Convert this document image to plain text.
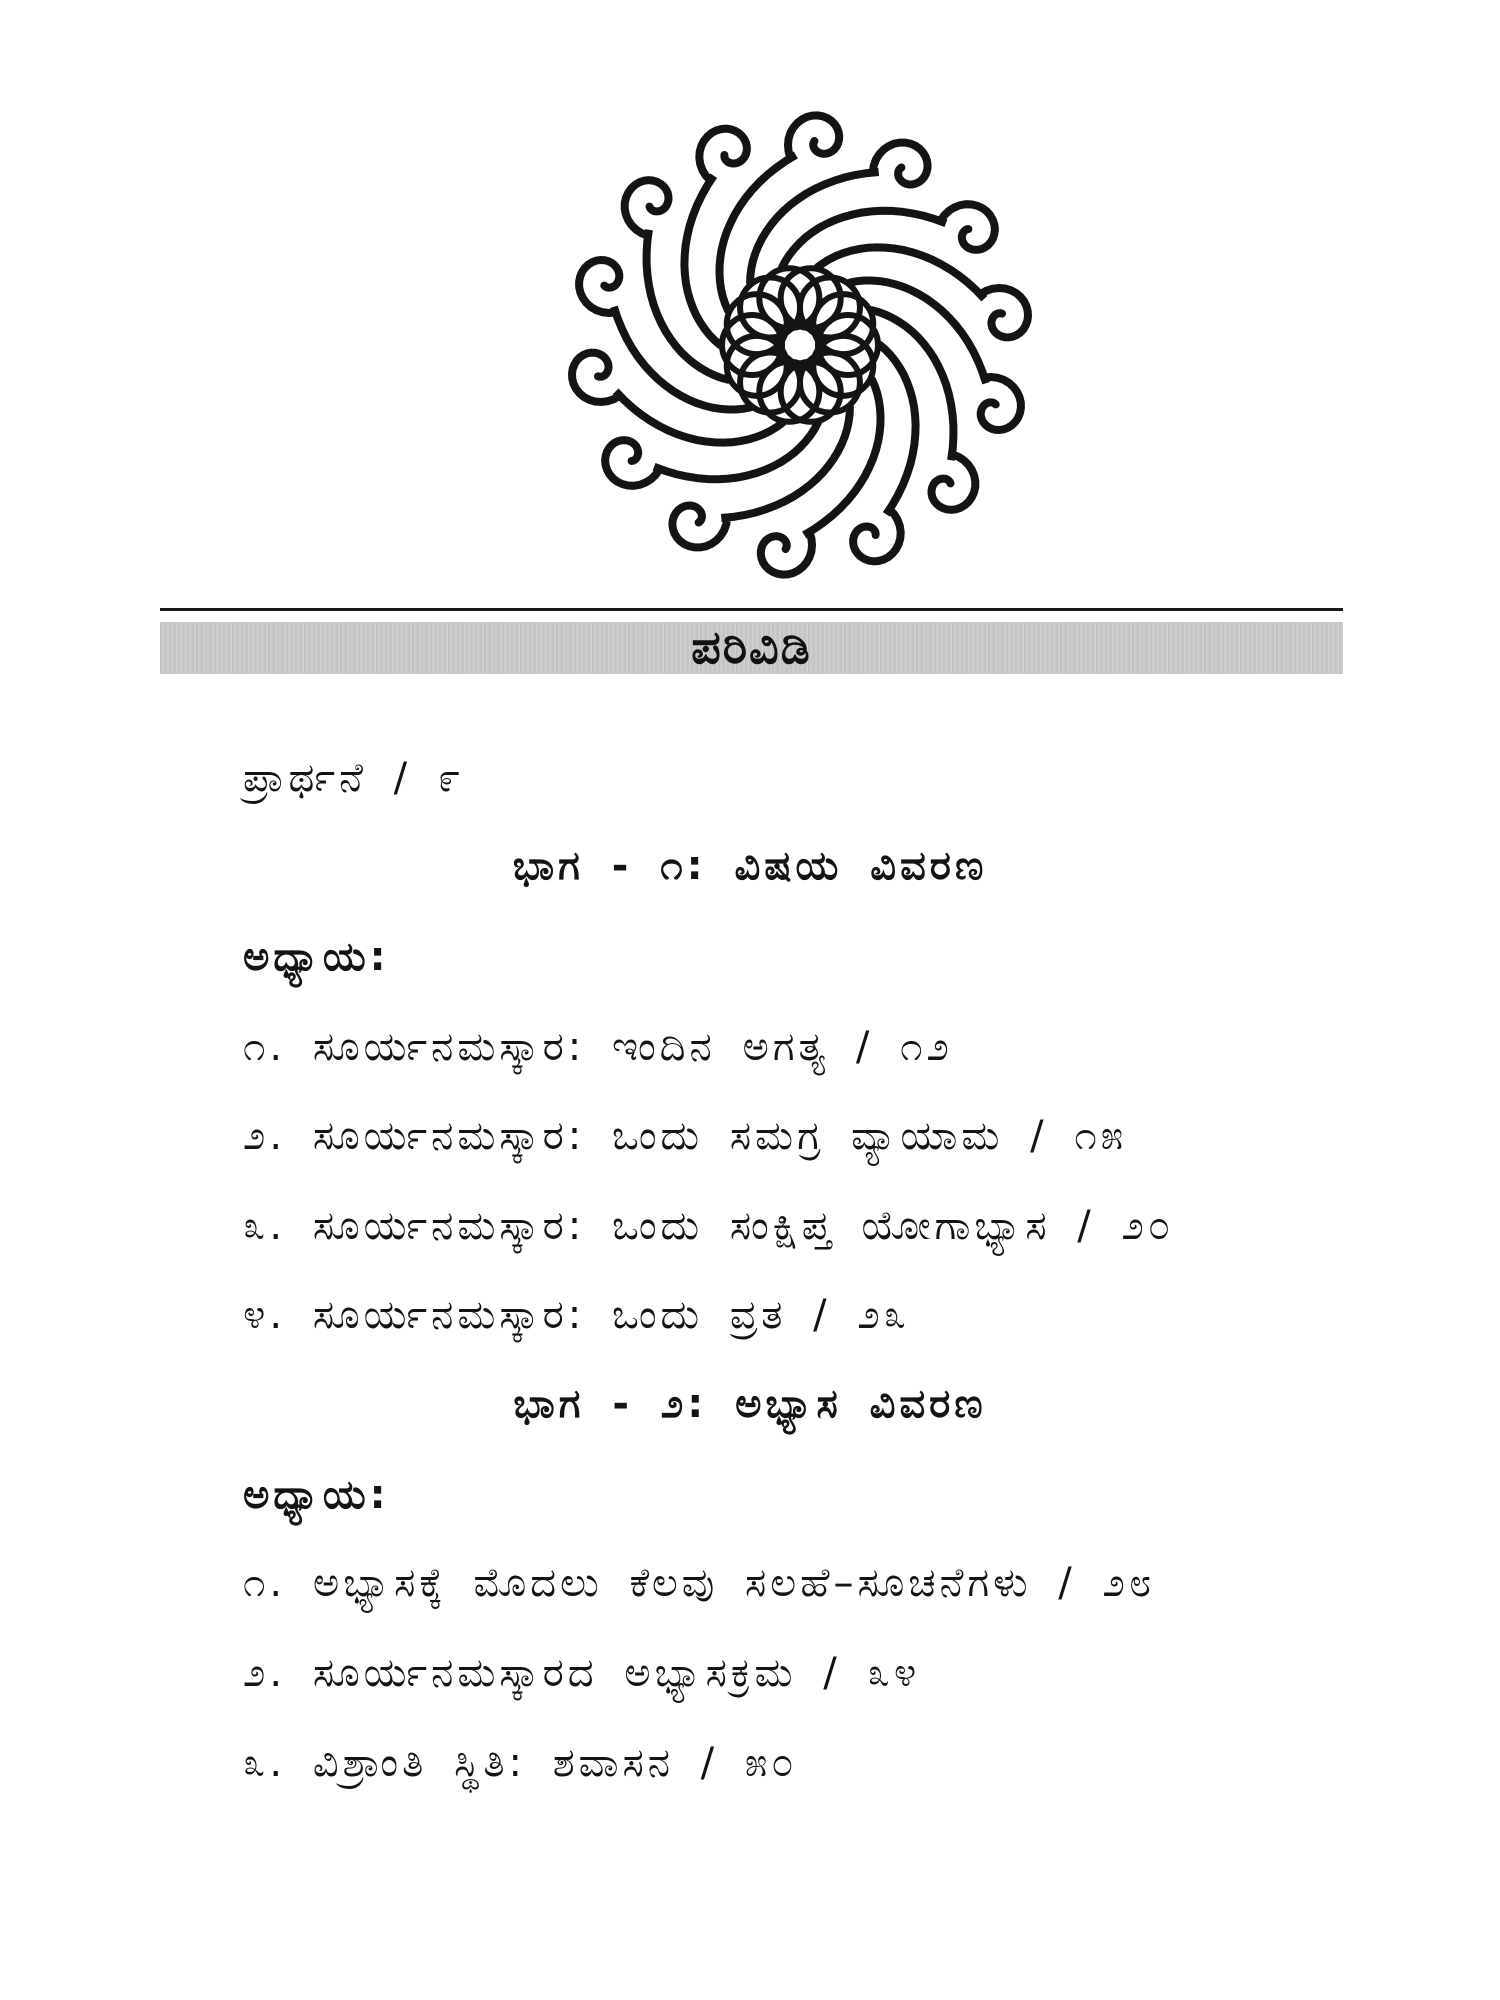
ಪರಿವಿಡಿ
ಪ್ರಾರ್ಥನೆ / ೯
ಭಾಗ - ೧: ವಿಷಯ ವಿವರಣ
ಅಧ್ಯಾಯ:
೧. ಸೂರ್ಯನಮಸ್ಕಾರ: ಇಂದಿನ ಅಗತ್ಯ / ೧೨
೨. ಸೂರ್ಯನಮಸ್ಕಾರ: ಒಂದು ಸಮಗ್ರ ವ್ಯಾಯಾಮ / ೧೫
೩. ಸೂರ್ಯನಮಸ್ಕಾರ: ಒಂದು ಸಂಕ್ಷಿಪ್ತ ಯೋಗಾಭ್ಯಾಸ / ೨೦
೪. ಸೂರ್ಯನಮಸ್ಕಾರ: ಒಂದು ವ್ರತ / ೨೩
ಭಾಗ - ೨: ಅಭ್ಯಾಸ ವಿವರಣ
ಅಧ್ಯಾಯ:
೧. ಅಭ್ಯಾಸಕ್ಕೆ ಮೊದಲು ಕೆಲವು ಸಲಹೆ–ಸೂಚನೆಗಳು / ೨೮
೨. ಸೂರ್ಯನಮಸ್ಕಾರದ ಅಭ್ಯಾಸಕ್ರಮ / ೩೪
೩. ವಿಶ್ರಾಂತಿ ಸ್ಥಿತಿ: ಶವಾಸನ / ೫೦
